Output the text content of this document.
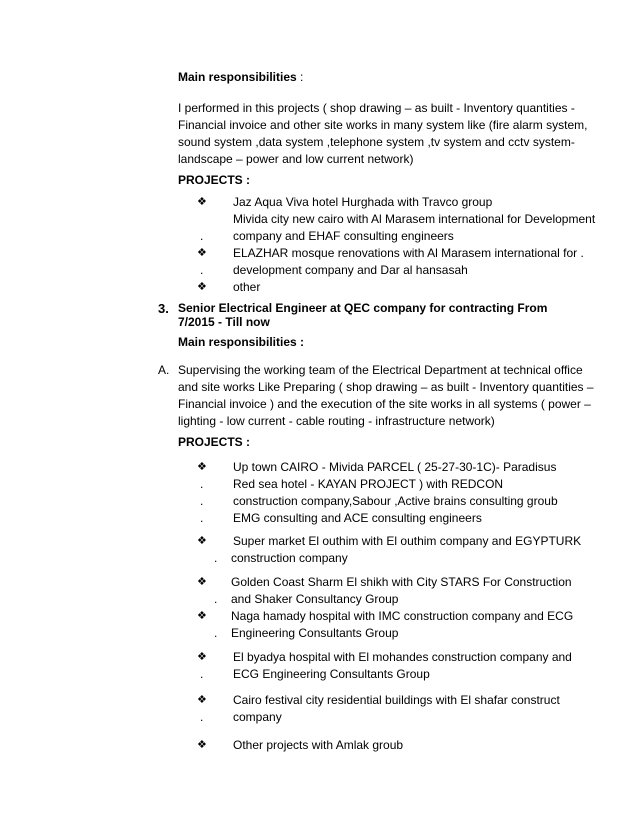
Main responsibilities :
I performed in this projects ( shop drawing – as built - Inventory quantities -
Financial invoice and other site works in many system like (fire alarm system,
sound system ,data system ,telephone system ,tv system and cctv system-
landscape – power and low current network)
PROJECTS :
❖ Jaz Aqua Viva hotel Hurghada with Travco group
Mivida city new cairo with Al Marasem international for Development
. company and EHAF consulting engineers
❖ ELAZHAR mosque renovations with Al Marasem international for .
. development company and Dar al hansasah
❖ other
3. Senior Electrical Engineer at QEC company for contracting From
7/2015 - Till now
Main responsibilities :
A. Supervising the working team of the Electrical Department at technical office
and site works Like Preparing ( shop drawing – as built - Inventory quantities –
Financial invoice ) and the execution of the site works in all systems ( power –
lighting - low current - cable routing - infrastructure network)
PROJECTS :
❖ Up town CAIRO - Mivida PARCEL ( 25-27-30-1C)- Paradisus
. Red sea hotel - KAYAN PROJECT ) with REDCON
. construction company,Sabour ,Active brains consulting groub
. EMG consulting and ACE consulting engineers
❖ Super market El outhim with El outhim company and EGYPTURK
. construction company
❖ Golden Coast Sharm El shikh with City STARS For Construction
. and Shaker Consultancy Group
❖ Naga hamady hospital with IMC construction company and ECG
. Engineering Consultants Group
❖ El byadya hospital with El mohandes construction company and
. ECG Engineering Consultants Group
❖ Cairo festival city residential buildings with El shafar construct
. company
❖ Other projects with Amlak groub
